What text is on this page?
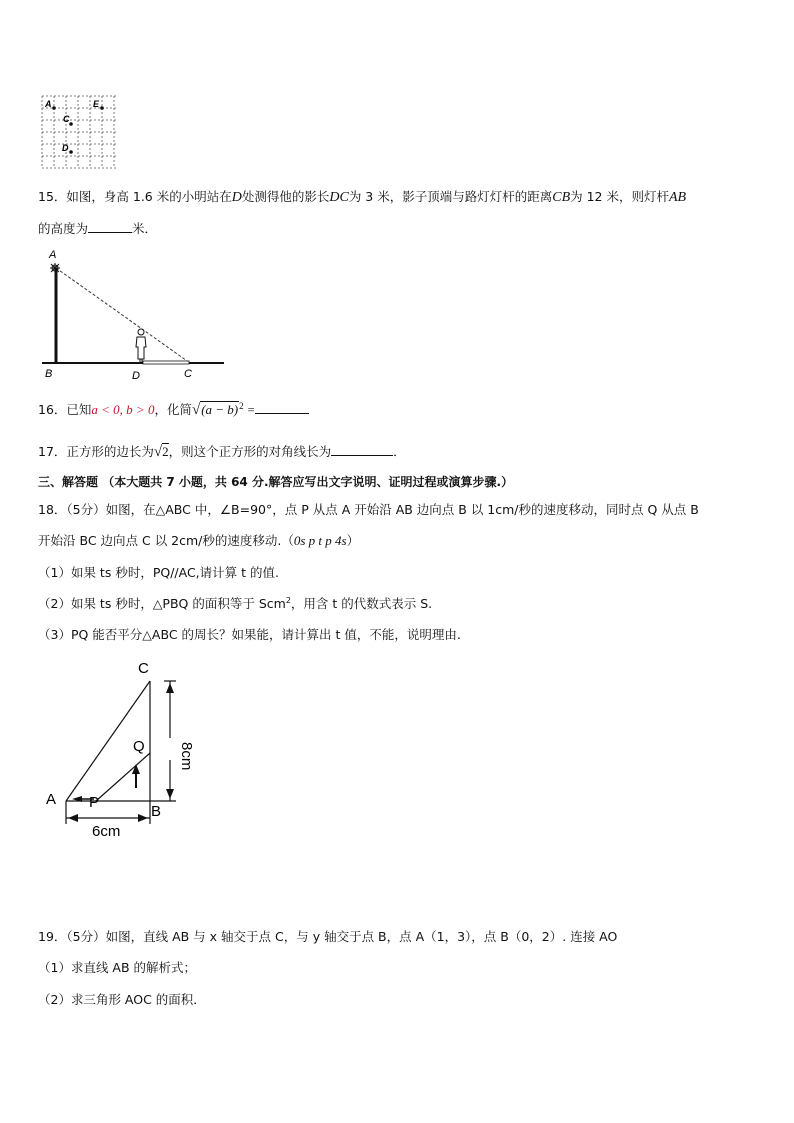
A	E
C
D
15．如图，身高 1.6 米的小明站在D处测得他的影长DC为 3 米，影子顶端与路灯灯杆的距离CB为 12 米，则灯杆AB
的高度为	米．
A
B	D	C
16．已知a < 0, b > 0，化简$√(a - b)^2$ =
17．正方形的边长为√2，则这个正方形的对角线长为	．
三、解答题 （本大题共 7 小题，共 64 分.解答应写出文字说明、证明过程或演算步骤.）
18．（5分）如图，在△ABC 中，∠B=90°，点 P 从点 A 开始沿 AB 边向点 B 以 1cm/秒的速度移动，同时点 Q 从点 B
开始沿 BC 边向点 C 以 2cm/秒的速度移动.（0s p t p 4s）
（1）如果 ts 秒时，PQ//AC,请计算 t 的值.
（2）如果 ts 秒时，△PBQ 的面积等于 Scm$^2$，用含 t 的代数式表示 S.
（3）PQ 能否平分△ABC 的周长？如果能，请计算出 t 值，不能，说明理由.
C
Q
A P
B
8cm
6cm
19．（5分）如图，直线 AB 与 x 轴交于点 C，与 y 轴交于点 B，点 A（1，3），点 B（0，2）. 连接 AO
（1）求直线 AB 的解析式；
（2）求三角形 AOC 的面积．
